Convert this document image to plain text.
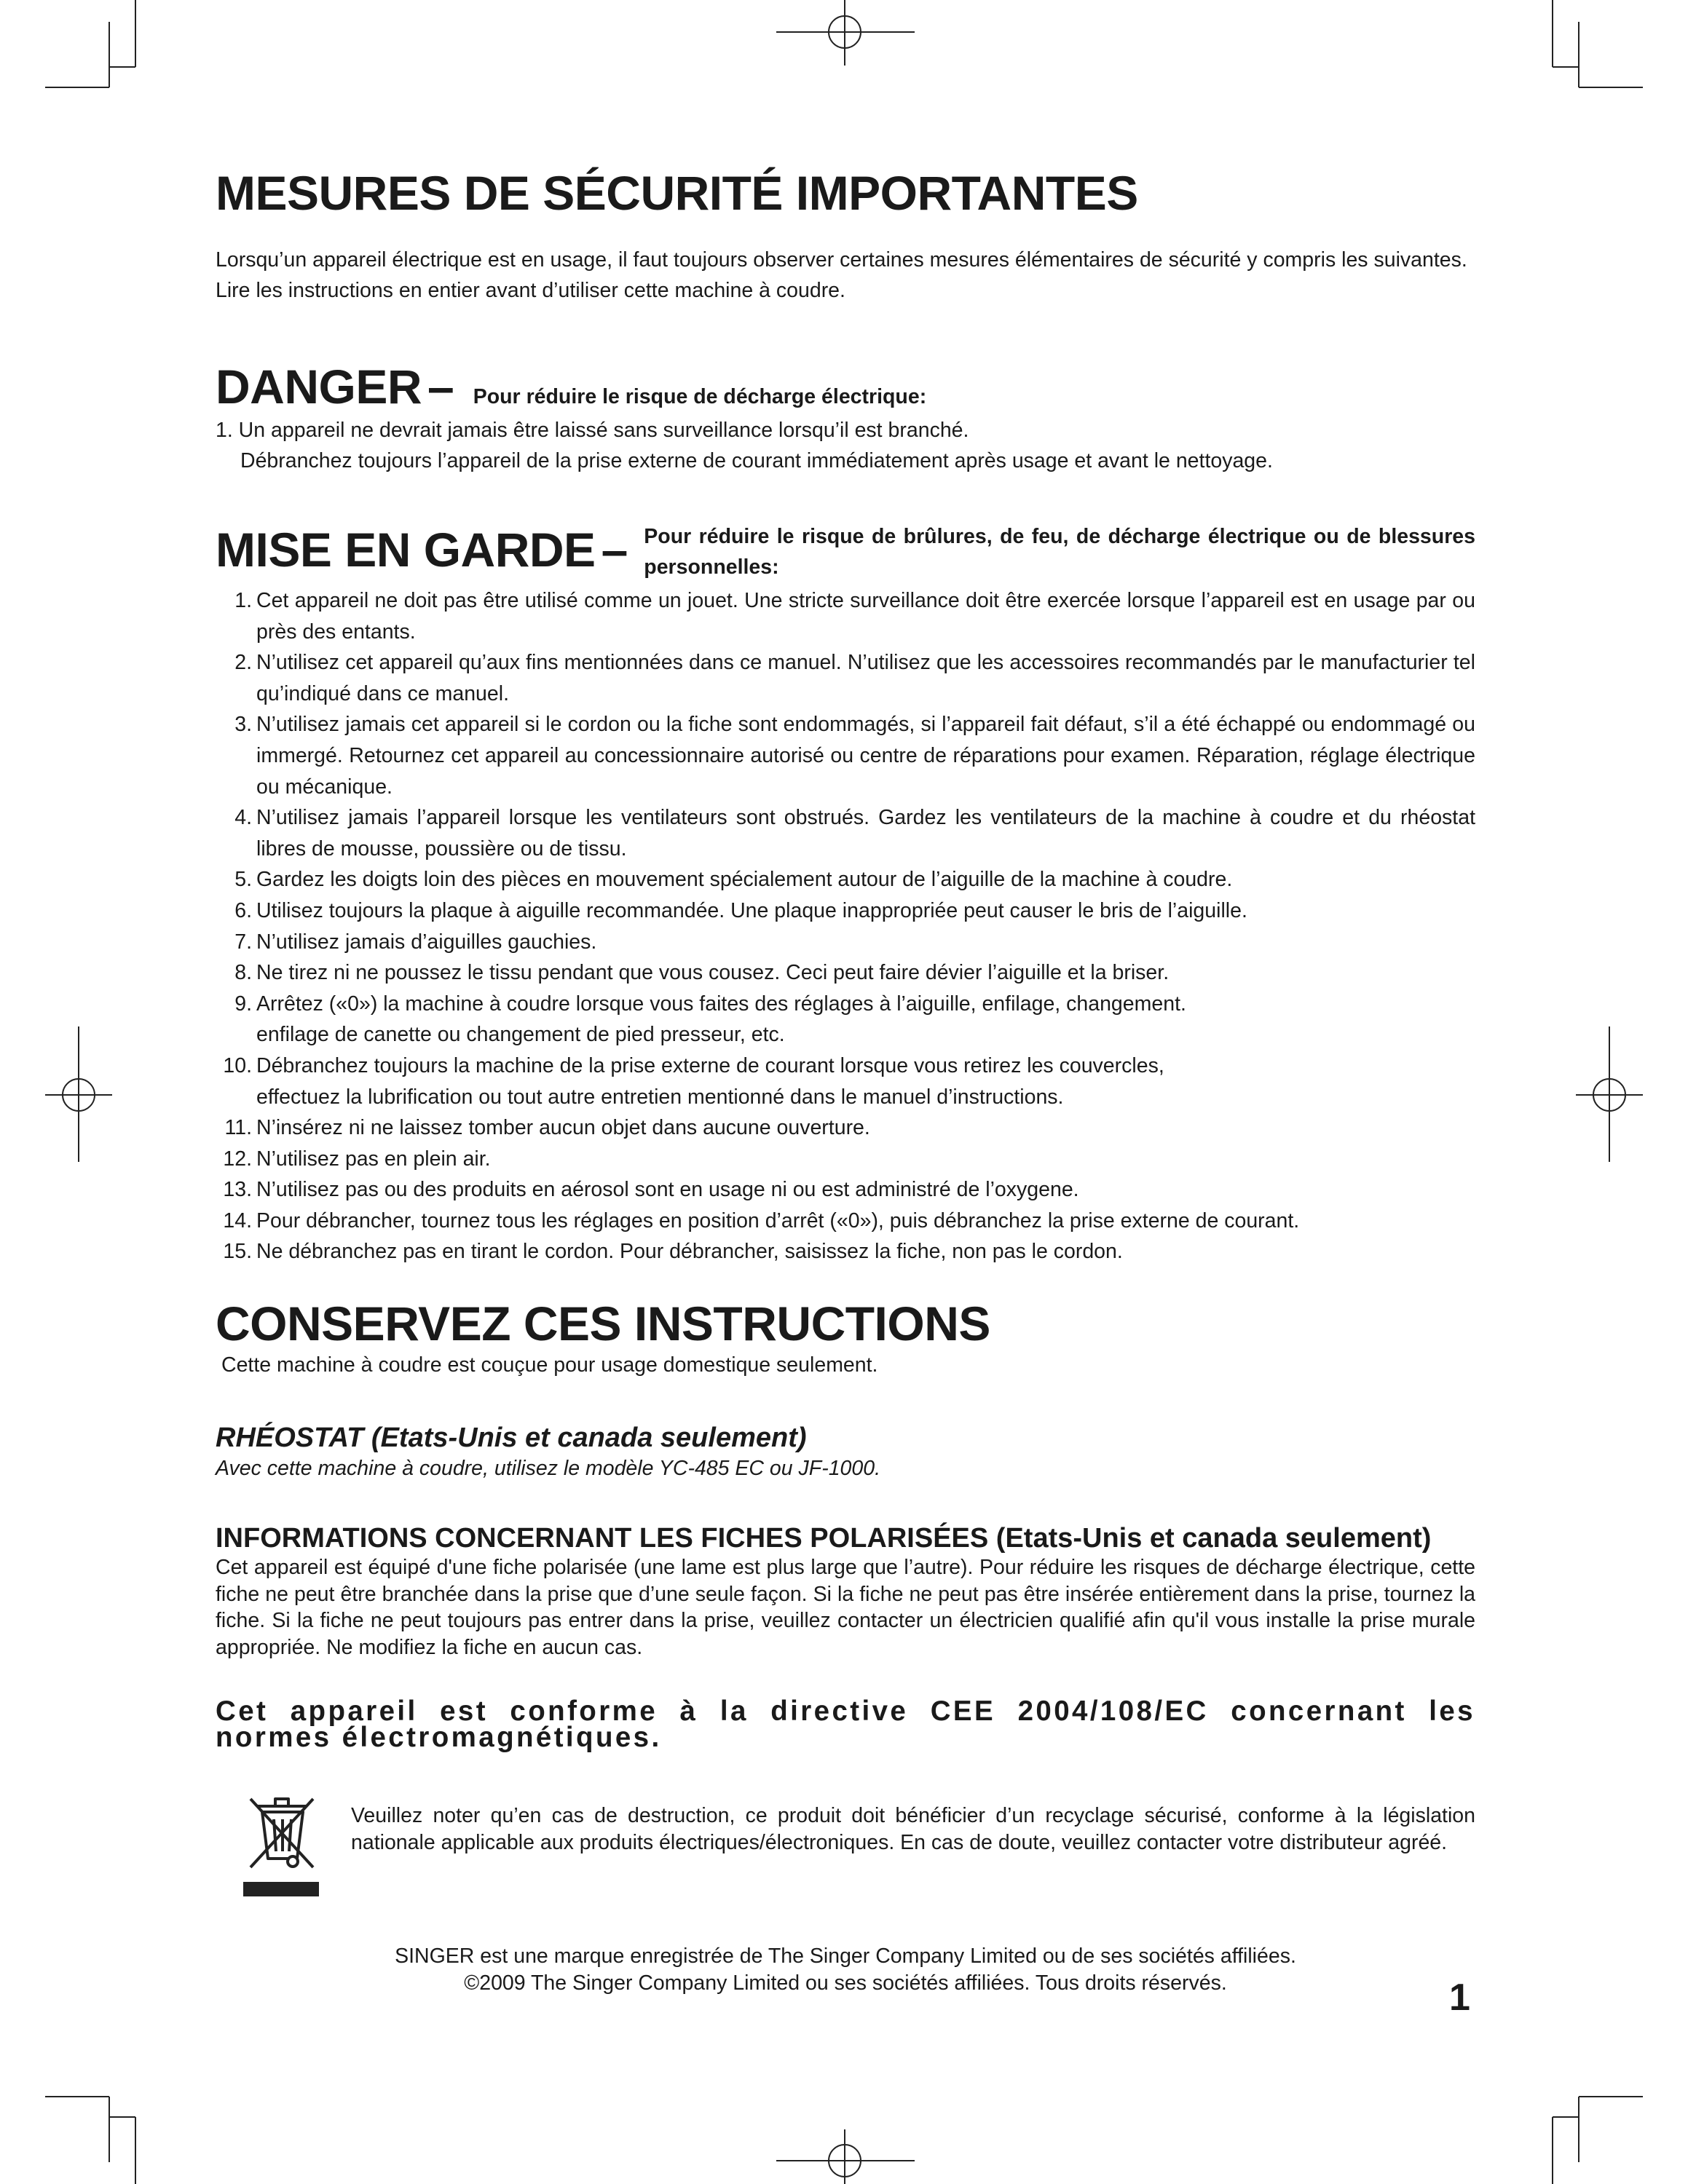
MESURES DE SÉCURITÉ IMPORTANTES

Lorsqu’un appareil électrique est en usage, il faut toujours observer certaines mesures élémentaires de sécurité y compris les suivantes.

Lire les instructions en entier avant d’utiliser cette machine à coudre.

DANGER – Pour réduire le risque de décharge électrique:

1. Un appareil ne devrait jamais être laissé sans surveillance lorsqu’il est branché.

Débranchez toujours l’appareil de la prise externe de courant immédiatement après usage et avant le nettoyage.

MISE EN GARDE – Pour réduire le risque de brûlures, de feu, de décharge électrique ou de blessures personnelles:
1. Cet appareil ne doit pas être utilisé comme un jouet. Une stricte surveillance doit être exercée lorsque l’appareil est en usage par ou près des entants.
2. N’utilisez cet appareil qu’aux fins mentionnées dans ce manuel. N’utilisez que les accessoires recommandés par le manufacturier tel qu’indiqué dans ce manuel.
3. N’utilisez jamais cet appareil si le cordon ou la fiche sont endommagés, si l’appareil fait défaut, s’il a été échappé ou endommagé ou immergé. Retournez cet appareil au concessionnaire autorisé ou centre de réparations pour examen. Réparation, réglage électrique ou mécanique.
4. N’utilisez jamais l’appareil lorsque les ventilateurs sont obstrués. Gardez les ventilateurs de la machine à coudre et du rhéostat libres de mousse, poussière ou de tissu.
5. Gardez les doigts loin des pièces en mouvement spécialement autour de l’aiguille de la machine à coudre.
6. Utilisez toujours la plaque à aiguille recommandée. Une plaque inappropriée peut causer le bris de l’aiguille.
7. N’utilisez jamais d’aiguilles gauchies.
8. Ne tirez ni ne poussez le tissu pendant que vous cousez. Ceci peut faire dévier l’aiguille et la briser.
9. Arrêtez («0») la machine à coudre lorsque vous faites des réglages à l’aiguille, enfilage, changement.
enfilage de canette ou changement de pied presseur, etc.
10. Débranchez toujours la machine de la prise externe de courant lorsque vous retirez les couvercles,
effectuez la lubrification ou tout autre entretien mentionné dans le manuel d’instructions.
11. N’insérez ni ne laissez tomber aucun objet dans aucune ouverture.
12. N’utilisez pas en plein air.
13. N’utilisez pas ou des produits en aérosol sont en usage ni ou est administré de l’oxygene.
14. Pour débrancher, tournez tous les réglages en position d’arrêt («0»), puis débranchez la prise externe de courant.
15. Ne débranchez pas en tirant le cordon. Pour débrancher, saisissez la fiche, non pas le cordon.
CONSERVEZ CES INSTRUCTIONS

Cette machine à coudre est couçue pour usage domestique seulement.

RHÉOSTAT (Etats-Unis et canada seulement)

Avec cette machine à coudre, utilisez le modèle YC-485 EC ou JF-1000.

INFORMATIONS CONCERNANT LES FICHES POLARISÉES (Etats-Unis et canada seulement)

Cet appareil est équipé d'une fiche polarisée (une lame est plus large que l’autre). Pour réduire les risques de décharge électrique, cette fiche ne peut être branchée dans la prise que d’une seule façon. Si la fiche ne peut pas être insérée entièrement dans la prise, tournez la fiche. Si la fiche ne peut toujours pas entrer dans la prise, veuillez contacter un électricien qualifié afin qu'il vous installe la prise murale appropriée. Ne modifiez la fiche en aucun cas.

Cet appareil est conforme à la directive CEE 2004/108/EC concernant les normes électromagnétiques.

Veuillez noter qu’en cas de destruction, ce produit doit bénéficier d’un recyclage sécurisé, conforme à la législation nationale applicable aux produits électriques/électroniques. En cas de doute, veuillez contacter votre distributeur agréé.

SINGER est une marque enregistrée de The Singer Company Limited ou de ses sociétés affiliées.
©2009 The Singer Company Limited ou ses sociétés affiliées. Tous droits réservés.	1
